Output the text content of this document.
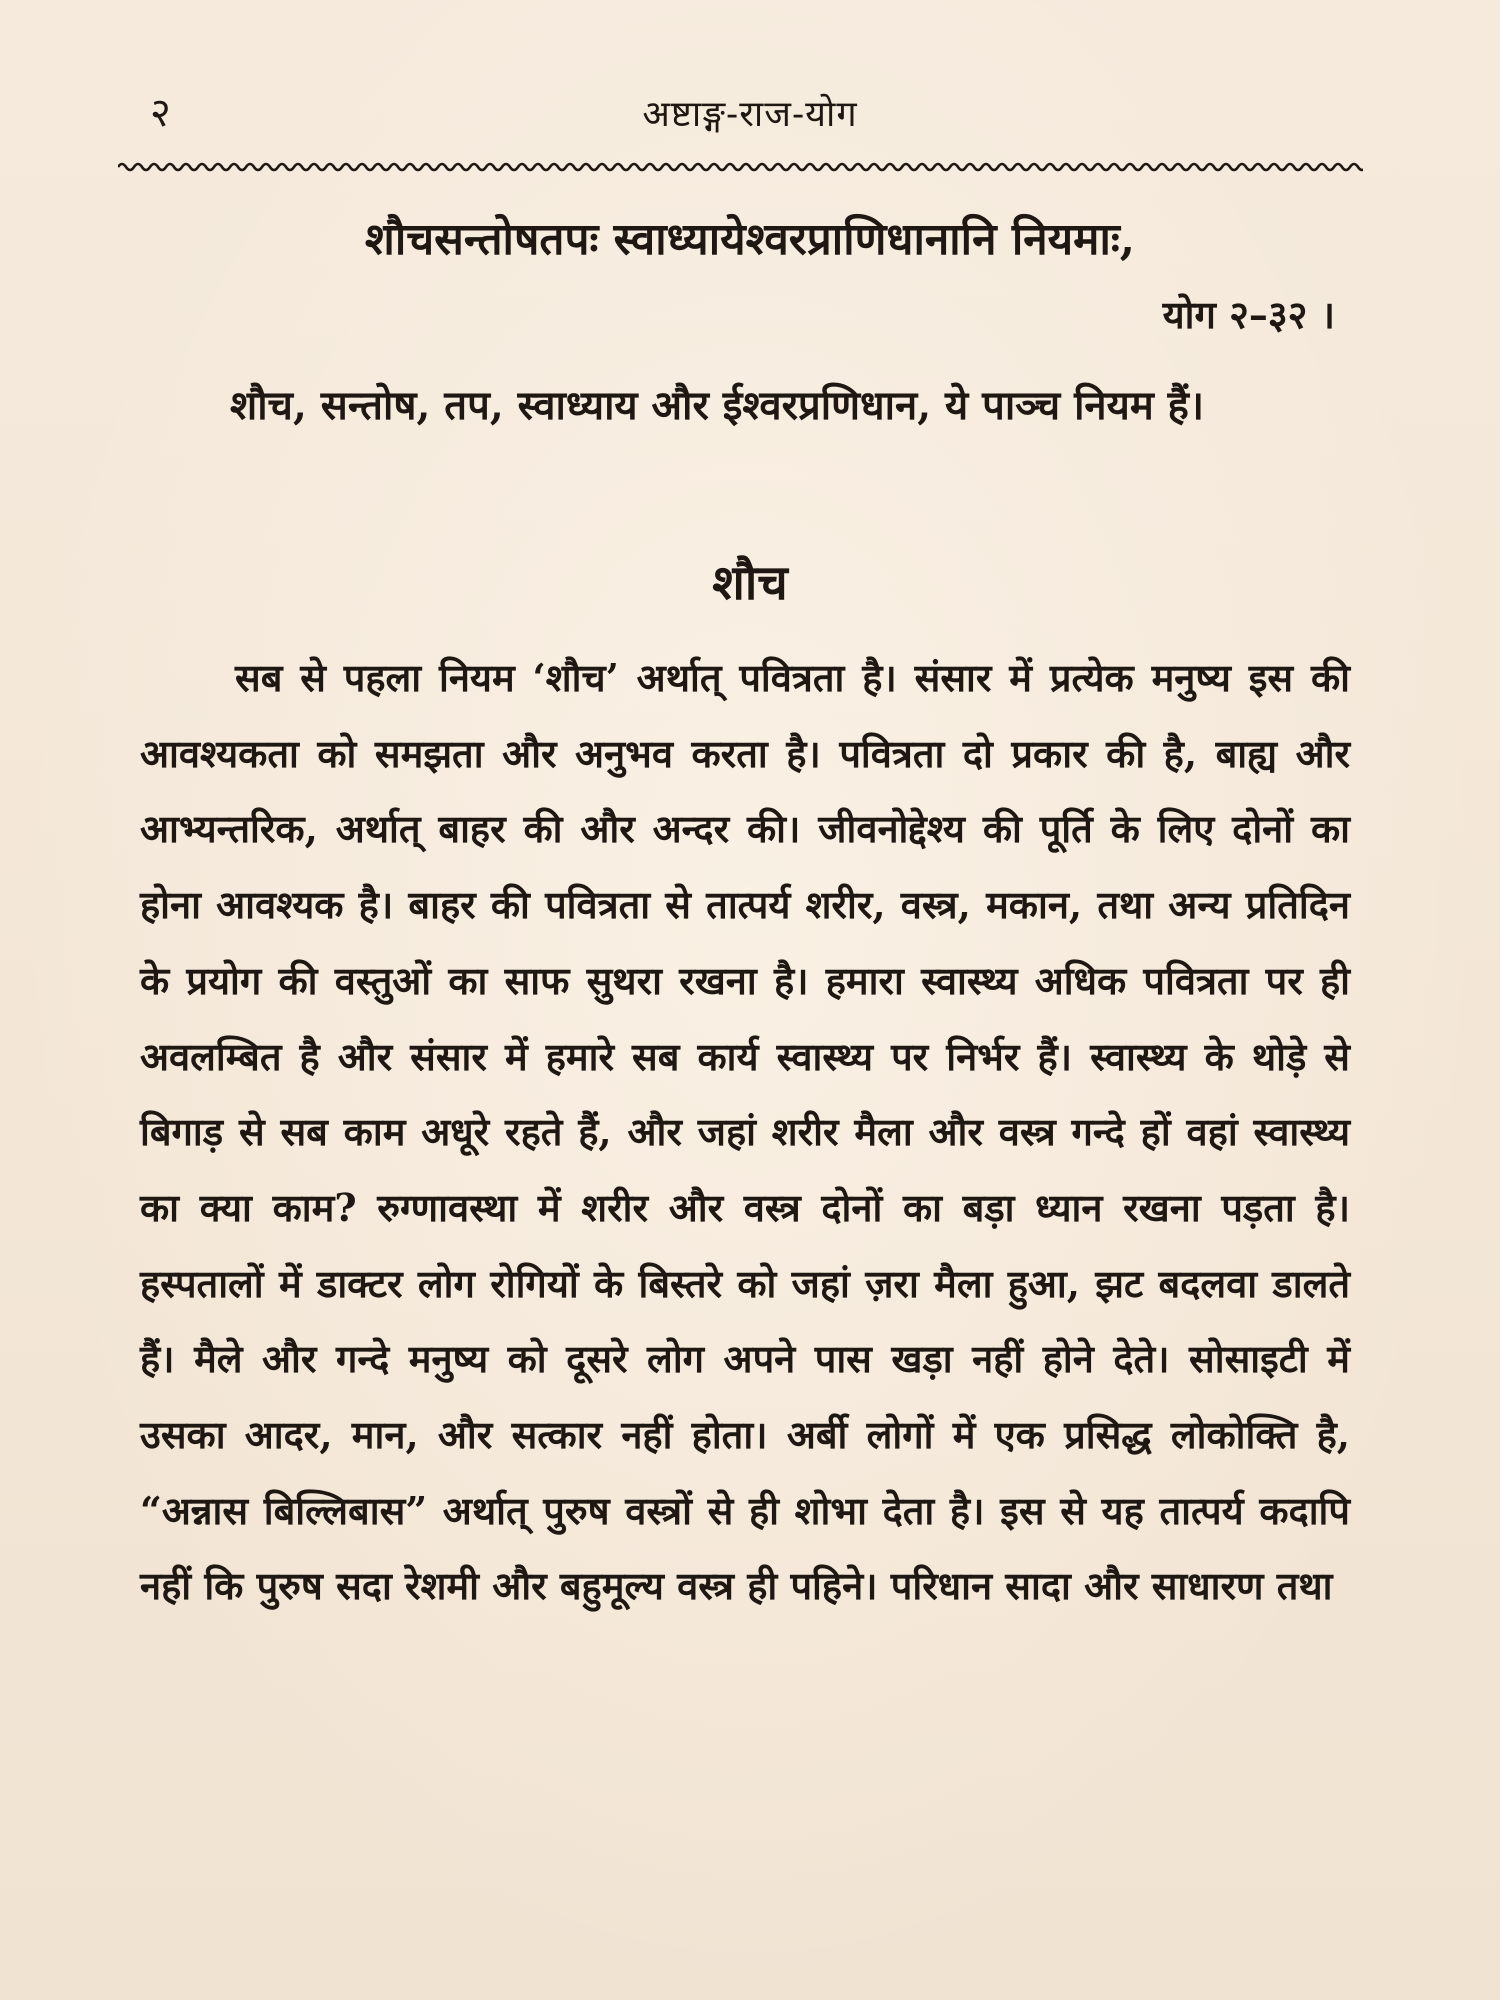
२	अष्टाङ्ग-राज-योग
शौचसन्तोषतपः स्वाध्यायेश्वरप्राणिधानानि नियमाः,
योग २–३२ ।

शौच, सन्तोष, तप, स्वाध्याय और ईश्वरप्रणिधान, ये पाञ्च नियम हैं।

शौच

सब से पहला नियम ‘शौच’ अर्थात् पवित्रता है। संसार में प्रत्येक मनुष्य इस की आवश्यकता को समझता और अनुभव करता है। पवित्रता दो प्रकार की है, बाह्य और आभ्यन्तरिक, अर्थात् बाहर की और अन्दर की। जीवनोद्देश्य की पूर्ति के लिए दोनों का होना आवश्यक है। बाहर की पवित्रता से तात्पर्य शरीर, वस्त्र, मकान, तथा अन्य प्रतिदिन के प्रयोग की वस्तुओं का साफ सुथरा रखना है। हमारा स्वास्थ्य अधिक पवित्रता पर ही अवलम्बित है और संसार में हमारे सब कार्य स्वास्थ्य पर निर्भर हैं। स्वास्थ्य के थोड़े से बिगाड़ से सब काम अधूरे रहते हैं, और जहां शरीर मैला और वस्त्र गन्दे हों वहां स्वास्थ्य का क्या काम? रुग्णावस्था में शरीर और वस्त्र दोनों का बड़ा ध्यान रखना पड़ता है। हस्पतालों में डाक्टर लोग रोगियों के बिस्तरे को जहां ज़रा मैला हुआ, झट बदलवा डालते हैं। मैले और गन्दे मनुष्य को दूसरे लोग अपने पास खड़ा नहीं होने देते। सोसाइटी में उसका आदर, मान, और सत्कार नहीं होता। अर्बी लोगों में एक प्रसिद्ध लोकोक्ति है, “अन्नास बिल्लिबास” अर्थात् पुरुष वस्त्रों से ही शोभा देता है। इस से यह तात्पर्य कदापि नहीं कि पुरुष सदा रेशमी और बहुमूल्य वस्त्र ही पहिने। परिधान सादा और साधारण तथा
